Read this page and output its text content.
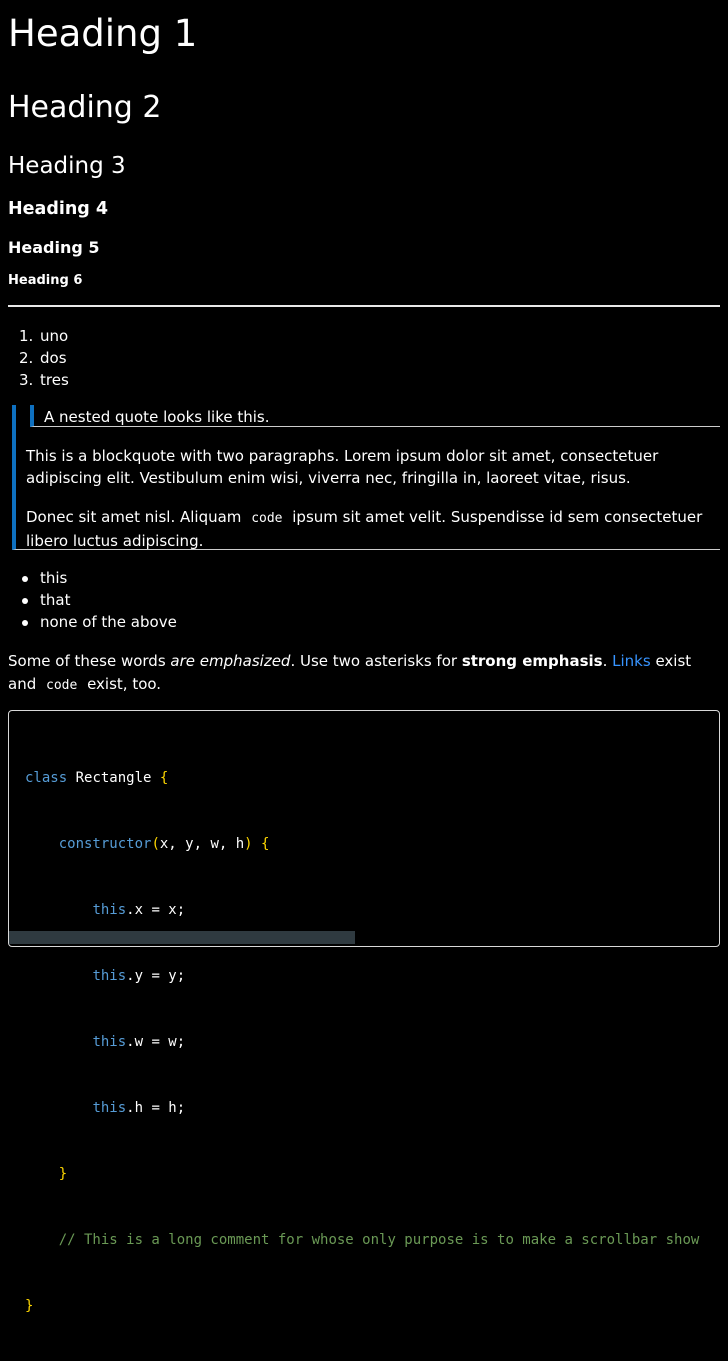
Heading 1
Heading 2
Heading 3
Heading 4
Heading 5
Heading 6
1. uno
2. dos
3. tres
A nested quote looks like this.

This is a blockquote with two paragraphs. Lorem ipsum dolor sit amet, consectetuer adipiscing elit. Vestibulum enim wisi, viverra nec, fringilla in, laoreet vitae, risus.

Donec sit amet nisl. Aliquam code ipsum sit amet velit. Suspendisse id sem consectetuer libero luctus adipiscing.

this
that
none of the above

Some of these words are emphasized. Use two asterisks for strong emphasis. Links exist and code exist, too.

class Rectangle {

constructor(x, y, w, h) {

this.x = x;

this.y = y;

this.w = w;

this.h = h;

}

// This is a long comment for whose only purpose is to make a scrollbar show

}
